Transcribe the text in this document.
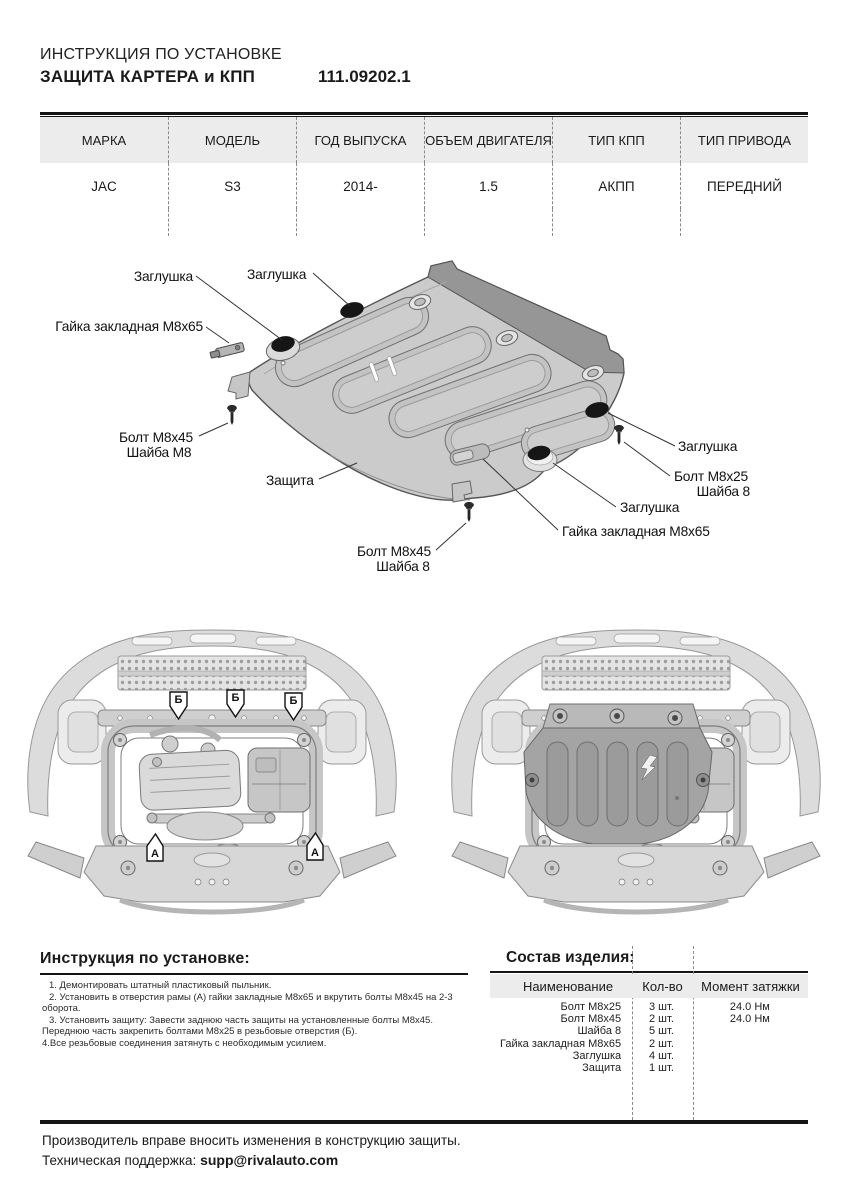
ИНСТРУКЦИЯ ПО УСТАНОВКЕ
ЗАЩИТА КАРТЕРА и КПП	111.09202.1
МАРКА	МОДЕЛЬ	ГОД ВЫПУСКА	ОБЪЕМ ДВИГАТЕЛЯ	ТИП КПП	ТИП ПРИВОДА
JAC	S3	2014-	1.5	АКПП	ПЕРЕДНИЙ
Заглушка	Заглушка
Гайка закладная М8х65
Болт М8х45
Шайба М8
Защита
Болт М8х45
Шайба 8
Заглушка
Болт М8х25
Шайба 8
Заглушка
Гайка закладная М8х65
Б	Б	Б
А	А
Инструкция по установке:

1. Демонтировать штатный пластиковый пыльник.

2. Установить в отверстия рамы (А) гайки закладные М8х65 и вкрутить болты М8х45 на 2-3 оборота.

3. Установить защиту: Завести заднюю часть защиты на установленные болты М8х45. Переднюю часть закрепить болтами М8х25 в резьбовые отверстия (Б).

4.Все резьбовые соединения затянуть с необходимым усилием.

Состав изделия:
Наименование	Кол-во	Момент затяжки
Болт М8х25	3 шт.	24.0 Нм
Болт М8х45	2 шт.	24.0 Нм
Шайба 8	5 шт.
Гайка закладная М8х65	2 шт.
Заглушка	4 шт.
Защита	1 шт.
Производитель вправе вносить изменения в конструкцию защиты.
Техническая поддержка: supp@rivalauto.com
